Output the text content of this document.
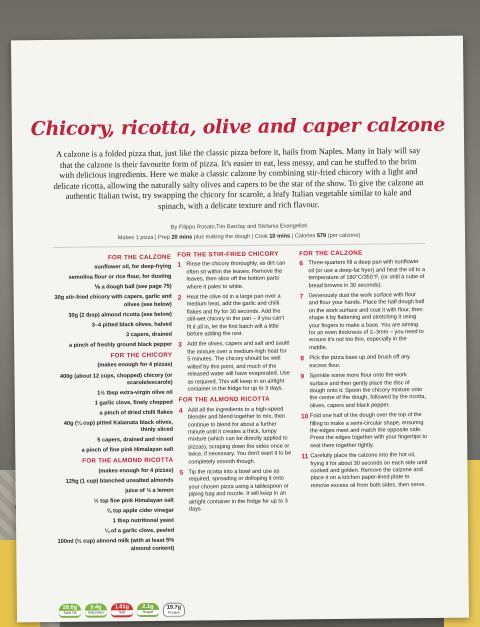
Chicory, ricotta, olive and caper calzone
A calzone is a folded pizza that, just like the classic pizza before it, hails from Naples. Many in Italy will say that the calzone is their favourite form of pizza. It's easier to eat, less messy, and can be stuffed to the brim with delicious ingredients. Here we make a classic calzone by combining stir-fried chicory with a light and delicate ricotta, allowing the naturally salty olives and capers to be the star of the show. To give the calzone an authentic Italian twist, try swapping the chicory for scarole, a leafy Italian vegetable similar to kale and spinach, with a delicate texture and rich flavour.
By Filippo Rosato,Tim Barclay and Stefania Evangelisti
Makes 1 pizza | Prep 20 mins plus making the dough | Cook 10 mins | Calories 579 (per calzone)
FOR THE CALZONE
sunflower oil, for deep-frying
semolina flour or rice flour, for dusting
⅙ a dough ball (see page 75)
30g stir-fried chicory with capers, garlic and olives (see below)
30g (2 tbsp) almond ricotta (see below)
3–4 pitted black olives, halved
3 capers, drained
a pinch of freshly ground black pepper
FOR THE CHICORY
(makes enough for 4 pizzas)
400g (about 12 cups, chopped) chicory (or scarole/escarole)
1½ tbsp extra-virgin olive oil
1 garlic clove, finely chopped
a pinch of dried chilli flakes
40g (¼ cup) pitted Kalamata black olives, thinly sliced
5 capers, drained and rinsed
a pinch of fine pink Himalayan salt
FOR THE ALMOND RICOTTA
(makes enough for 4 pizzas)
125g (1 cup) blanched unsalted almonds
juice of ½ a lemon
½ tsp fine pink Himalayan salt
¾ tsp apple cider vinegar
1 tbsp nutritional yeast
¼ of a garlic clove, peeled
100ml (⅓ cup) almond milk (with at least 5% almond content)
FOR THE STIR-FRIED CHICORY
1 Rinse the chicory thoroughly, as dirt can often sit within the leaves. Remove the leaves, then slice off the bottom parts where it pales to white.
2 Heat the olive oil in a large pan over a medium heat, add the garlic and chilli flakes and fry for 30 seconds. Add the still-wet chicory to the pan – if you can't fit it all in, let the first batch wilt a little before adding the rest.
3 Add the olives, capers and salt and sauté the mixture over a medium-high heat for 5 minutes. The chicory should be well wilted by this point, and much of the released water will have evaporated. Use as required. This will keep in an airtight container in the fridge for up to 3 days.
FOR THE ALMOND RICOTTA
4 Add all the ingredients to a high-speed blender and blend together to mix, then continue to blend for about a further minute until it creates a thick, lumpy mixture (which can be directly applied to pizzas), scraping down the sides once or twice, if necessary. You don't want it to be completely smooth though.
5 Tip the ricotta into a bowl and use as required, spreading or dolloping it onto your chosen pizza using a tablespoon or piping bag and nozzle. It will keep in an airtight container in the fridge for up to 3 days.
FOR THE CALZONE
6 Three-quarters fill a deep pan with sunflower oil (or use a deep-fat fryer) and heat the oil to a temperature of 180°C/350°F, (or until a cube of bread browns in 30 seconds).
7 Generously dust the work surface with flour and flour your hands. Place the half dough ball on the work surface and coat it with flour, then shape it by flattening and stretching it using your fingers to make a base. You are aiming for an even thickness of 2–3mm – you need to ensure it's not too thin, especially in the middle.
8 Pick the pizza base up and brush off any excess flour.
9 Sprinkle some more flour onto the work surface and then gently place the disc of dough onto it. Spoon the chicory mixture onto the centre of the dough, followed by the ricotta, olives, capers and black pepper.
10 Fold one half of the dough over the top of the filling to make a semi-circular shape, ensuring the edges meet and match the opposite side. Press the edges together with your fingertips to seal them together tightly.
11 Carefully place the calzone into the hot oil, frying it for about 30 seconds on each side until cooked and golden. Remove the calzone and place it on a kitchen paper-lined plate to remove excess oil from both sides, then serve.
28.6g
Total fat
3.4g
Saturates
1.81g
Salt
2.1g
Sugar
19.7g
Protein
